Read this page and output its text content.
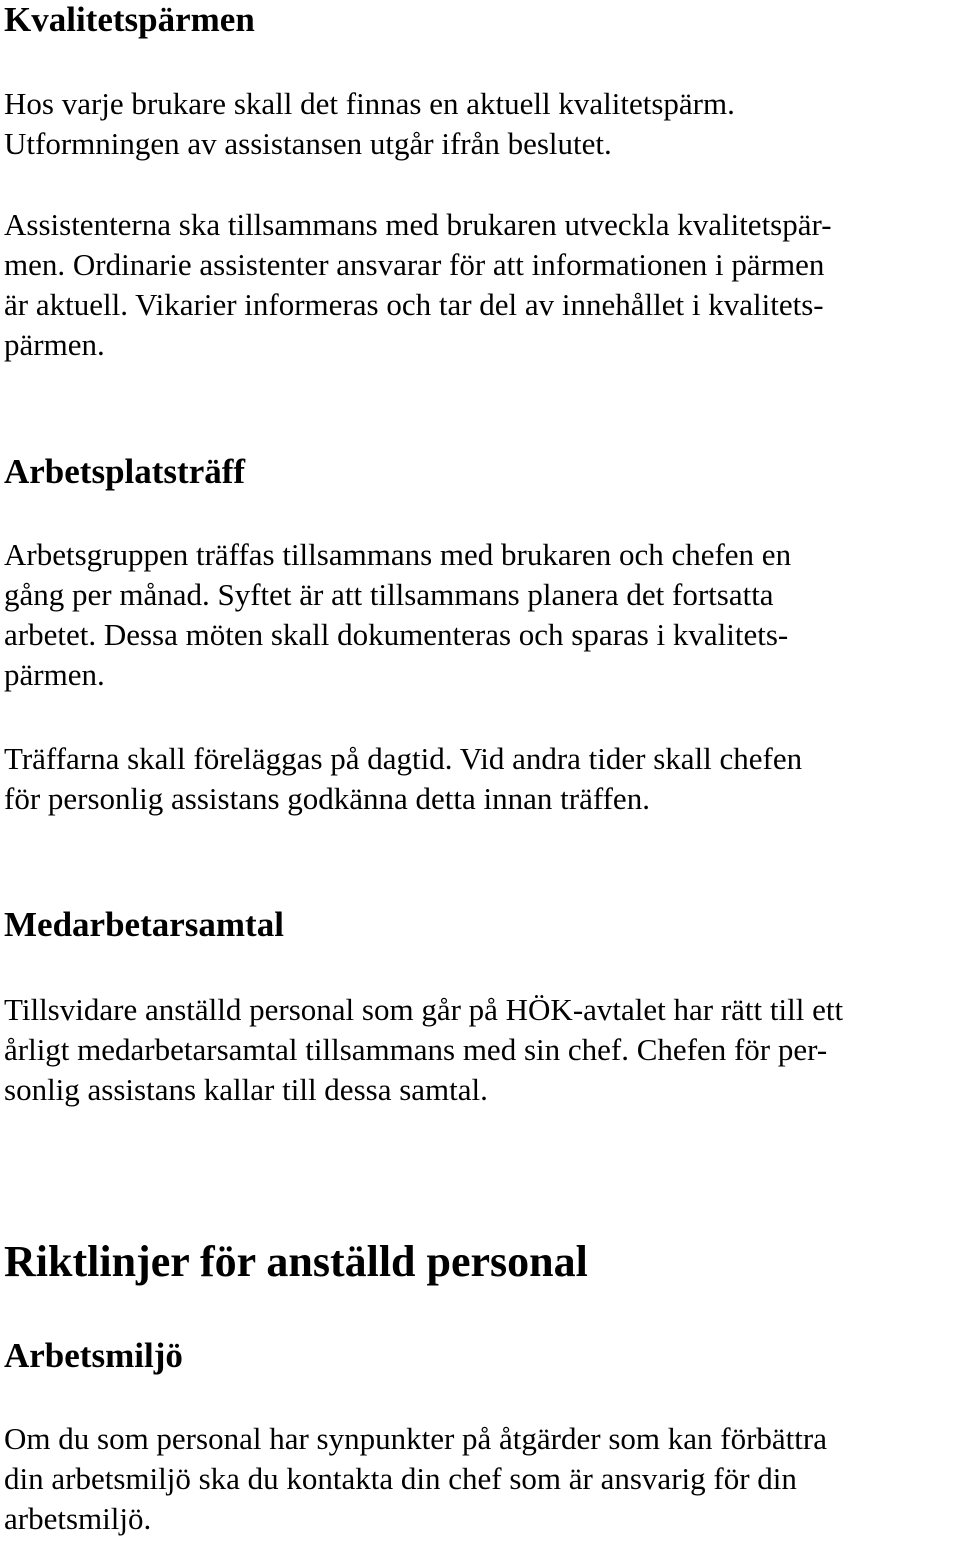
Kvalitetspärmen

Hos varje brukare skall det finnas en aktuell kvalitetspärm.
Utformningen av assistansen utgår ifrån beslutet.

Assistenterna ska tillsammans med brukaren utveckla kvalitetspär-
men. Ordinarie assistenter ansvarar för att informationen i pärmen
är aktuell. Vikarier informeras och tar del av innehållet i kvalitets-
pärmen.

Arbetsplatsträff

Arbetsgruppen träffas tillsammans med brukaren och chefen en
gång per månad. Syftet är att tillsammans planera det fortsatta
arbetet. Dessa möten skall dokumenteras och sparas i kvalitets-
pärmen.

Träffarna skall föreläggas på dagtid. Vid andra tider skall chefen
för personlig assistans godkänna detta innan träffen.

Medarbetarsamtal

Tillsvidare anställd personal som går på HÖK-avtalet har rätt till ett
årligt medarbetarsamtal tillsammans med sin chef. Chefen för per-
sonlig assistans kallar till dessa samtal.

Riktlinjer för anställd personal
Arbetsmiljö

Om du som personal har synpunkter på åtgärder som kan förbättra
din arbetsmiljö ska du kontakta din chef som är ansvarig för din
arbetsmiljö.
